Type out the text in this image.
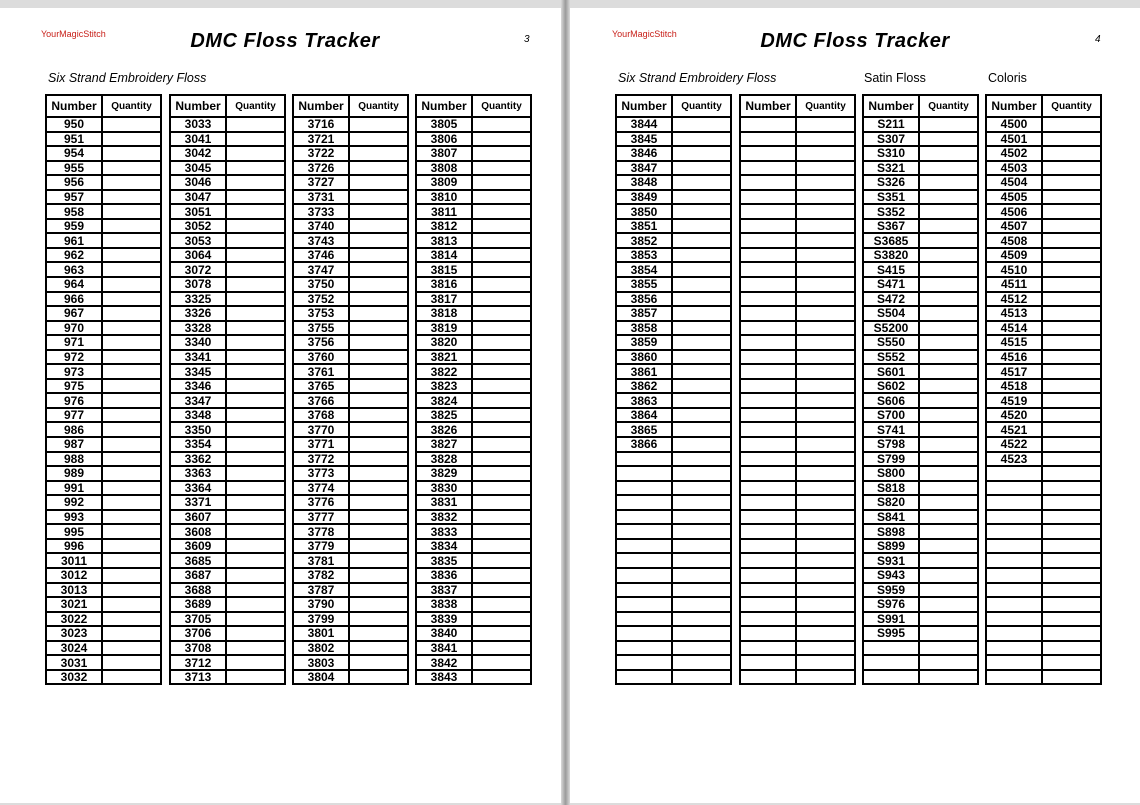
YourMagicStitch	DMC Floss Tracker	3
Six Strand Embroidery Floss
Number	Quantity
950	
951	
954	
955	
956	
957	
958	
959	
961	
962	
963	
964	
966	
967	
970	
971	
972	
973	
975	
976	
977	
986	
987	
988	
989	
991	
992	
993	
995	
996	
3011	
3012	
3013	
3021	
3022	
3023	
3024	
3031	
3032	
Number	Quantity
3033	
3041	
3042	
3045	
3046	
3047	
3051	
3052	
3053	
3064	
3072	
3078	
3325	
3326	
3328	
3340	
3341	
3345	
3346	
3347	
3348	
3350	
3354	
3362	
3363	
3364	
3371	
3607	
3608	
3609	
3685	
3687	
3688	
3689	
3705	
3706	
3708	
3712	
3713	
Number	Quantity
3716	
3721	
3722	
3726	
3727	
3731	
3733	
3740	
3743	
3746	
3747	
3750	
3752	
3753	
3755	
3756	
3760	
3761	
3765	
3766	
3768	
3770	
3771	
3772	
3773	
3774	
3776	
3777	
3778	
3779	
3781	
3782	
3787	
3790	
3799	
3801	
3802	
3803	
3804	
Number	Quantity
3805	
3806	
3807	
3808	
3809	
3810	
3811	
3812	
3813	
3814	
3815	
3816	
3817	
3818	
3819	
3820	
3821	
3822	
3823	
3824	
3825	
3826	
3827	
3828	
3829	
3830	
3831	
3832	
3833	
3834	
3835	
3836	
3837	
3838	
3839	
3840	
3841	
3842	
3843	
YourMagicStitch	DMC Floss Tracker	4
Six Strand Embroidery Floss	Satin Floss	Coloris
Number	Quantity
3844	
3845	
3846	
3847	
3848	
3849	
3850	
3851	
3852	
3853	
3854	
3855	
3856	
3857	
3858	
3859	
3860	
3861	
3862	
3863	
3864	
3865	
3866	

Number	Quantity

	Number	Quantity
S211	
S307	
S310	
S321	
S326	
S351	
S352	
S367	
S3685	
S3820	
S415	
S471	
S472	
S504	
S5200	
S550	
S552	
S601	
S602	
S606	
S700	
S741	
S798	
S799	
S800	
S818	
S820	
S841	
S898	
S899	
S931	
S943	
S959	
S976	
S991	
S995	

Number	Quantity
4500	
4501	
4502	
4503	
4504	
4505	
4506	
4507	
4508	
4509	
4510	
4511	
4512	
4513	
4514	
4515	
4516	
4517	
4518	
4519	
4520	
4521	
4522	
4523	
